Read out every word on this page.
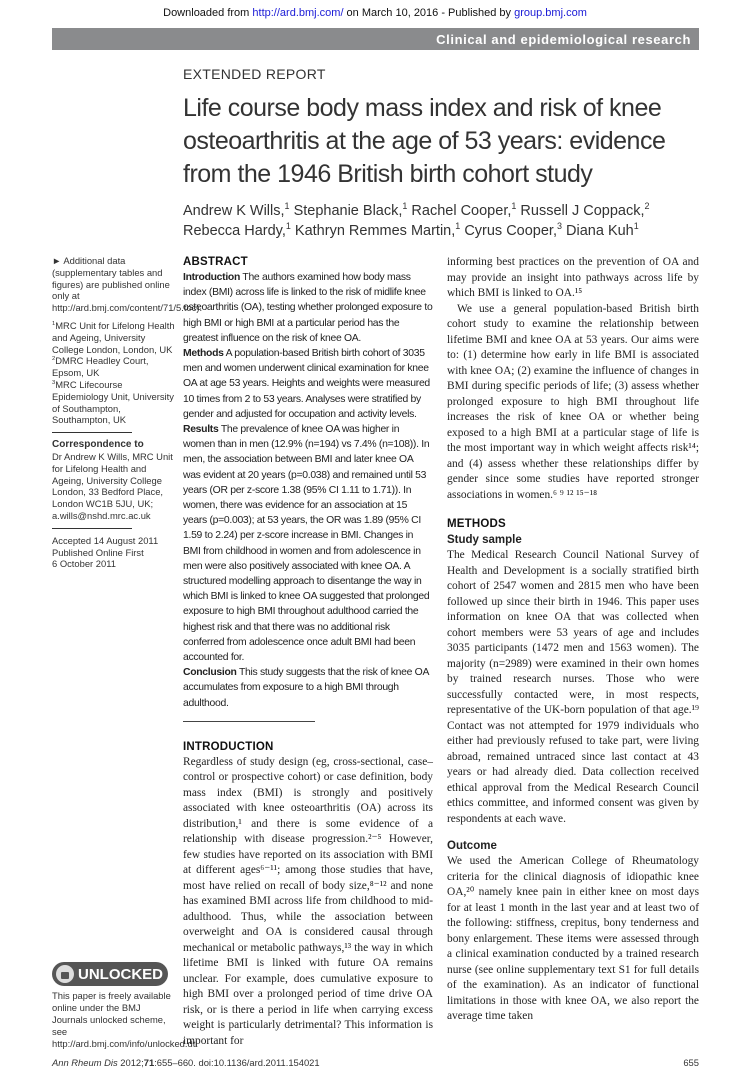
Downloaded from http://ard.bmj.com/ on March 10, 2016 - Published by group.bmj.com
Clinical and epidemiological research
EXTENDED REPORT
Life course body mass index and risk of knee osteoarthritis at the age of 53 years: evidence from the 1946 British birth cohort study
Andrew K Wills,$^1$ Stephanie Black,$^1$ Rachel Cooper,$^1$ Russell J Coppack,$^2$
Rebecca Hardy,$^1$ Kathryn Remmes Martin,$^1$ Cyrus Cooper,$^3$ Diana Kuh$^1$

► Additional data (supplementary tables and figures) are published online only at http://ard.bmj.com/content/71/5.toc).

$^1$MRC Unit for Lifelong Health and Ageing, University College London, London, UK
$^2$DMRC Headley Court, Epsom, UK
$^3$MRC Lifecourse Epidemiology Unit, University of Southampton, Southampton, UK
Correspondence to
Dr Andrew K Wills, MRC Unit for Lifelong Health and Ageing, University College London, 33 Bedford Place, London WC1B 5JU, UK;
a.wills@nshd.mrc.ac.uk
Accepted 14 August 2011
Published Online First
6 October 2011
UNLOCKED
This paper is freely available online under the BMJ Journals unlocked scheme, see http://ard.bmj.com/info/unlocked.dtl
ABSTRACT
Introduction The authors examined how body mass index (BMI) across life is linked to the risk of midlife knee osteoarthritis (OA), testing whether prolonged exposure to high BMI or high BMI at a particular period has the greatest influence on the risk of knee OA.
Methods A population-based British birth cohort of 3035 men and women underwent clinical examination for knee OA at age 53 years. Heights and weights were measured 10 times from 2 to 53 years. Analyses were stratified by gender and adjusted for occupation and activity levels.
Results The prevalence of knee OA was higher in women than in men (12.9% (n=194) vs 7.4% (n=108)). In men, the association between BMI and later knee OA was evident at 20 years (p=0.038) and remained until 53 years (OR per z-score 1.38 (95% CI 1.11 to 1.71)). In women, there was evidence for an association at 15 years (p=0.003); at 53 years, the OR was 1.89 (95% CI 1.59 to 2.24) per z-score increase in BMI. Changes in BMI from childhood in women and from adolescence in men were also positively associated with knee OA. A structured modelling approach to disentange the way in which BMI is linked to knee OA suggested that prolonged exposure to high BMI throughout adulthood carried the highest risk and that there was no additional risk conferred from adolescence once adult BMI had been accounted for.
Conclusion This study suggests that the risk of knee OA accumulates from exposure to a high BMI through adulthood.
INTRODUCTION

Regardless of study design (eg, cross-sectional, case–control or prospective cohort) or case definition, body mass index (BMI) is strongly and positively associated with knee osteoarthritis (OA) across its distribution,¹ and there is some evidence of a relationship with disease progression.²⁻⁵ However, few studies have reported on its association with BMI at different ages⁶⁻¹¹; among those studies that have, most have relied on recall of body size,⁸⁻¹² and none has examined BMI across life from childhood to mid-adulthood. Thus, while the association between overweight and OA is considered causal through mechanical or metabolic pathways,¹³ the way in which lifetime BMI is linked with future OA remains unclear. For example, does cumulative exposure to high BMI over a prolonged period of time drive OA risk, or is there a period in life when carrying excess weight is particularly detrimental? This information is important for

informing best practices on the prevention of OA and may provide an insight into pathways across life by which BMI is linked to OA.¹⁵

We use a general population-based British birth cohort study to examine the relationship between lifetime BMI and knee OA at 53 years. Our aims were to: (1) determine how early in life BMI is associated with knee OA; (2) examine the influence of changes in BMI during specific periods of life; (3) assess whether prolonged exposure to high BMI throughout life increases the risk of knee OA or whether being exposed to a high BMI at a particular stage of life is the most important way in which weight affects risk¹⁴; and (4) assess whether these relationships differ by gender since some studies have reported stronger associations in women.⁶ ⁹ ¹² ¹⁵⁻¹⁸

METHODS
Study sample

The Medical Research Council National Survey of Health and Development is a socially stratified birth cohort of 2547 women and 2815 men who have been followed up since their birth in 1946. This paper uses information on knee OA that was collected when cohort members were 53 years of age and includes 3035 participants (1472 men and 1563 women). The majority (n=2989) were examined in their own homes by trained research nurses. Those who were successfully contacted were, in most respects, representative of the UK-born population of that age.¹⁹ Contact was not attempted for 1979 individuals who either had previously refused to take part, were living abroad, remained untraced since last contact at 43 years or had already died. Data collection received ethical approval from the Medical Research Council ethics committee, and informed consent was given by respondents at each wave.

Outcome

We used the American College of Rheumatology criteria for the clinical diagnosis of idiopathic knee OA,²⁰ namely knee pain in either knee on most days for at least 1 month in the last year and at least two of the following: stiffness, crepitus, bony tenderness and bony enlargement. These items were assessed through a clinical examination conducted by a trained research nurse (see online supplementary text S1 for full details of the examination). As an indicator of functional limitations in those with knee OA, we also report the average time taken

Ann Rheum Dis 2012;71:655–660. doi:10.1136/ard.2011.154021	655
